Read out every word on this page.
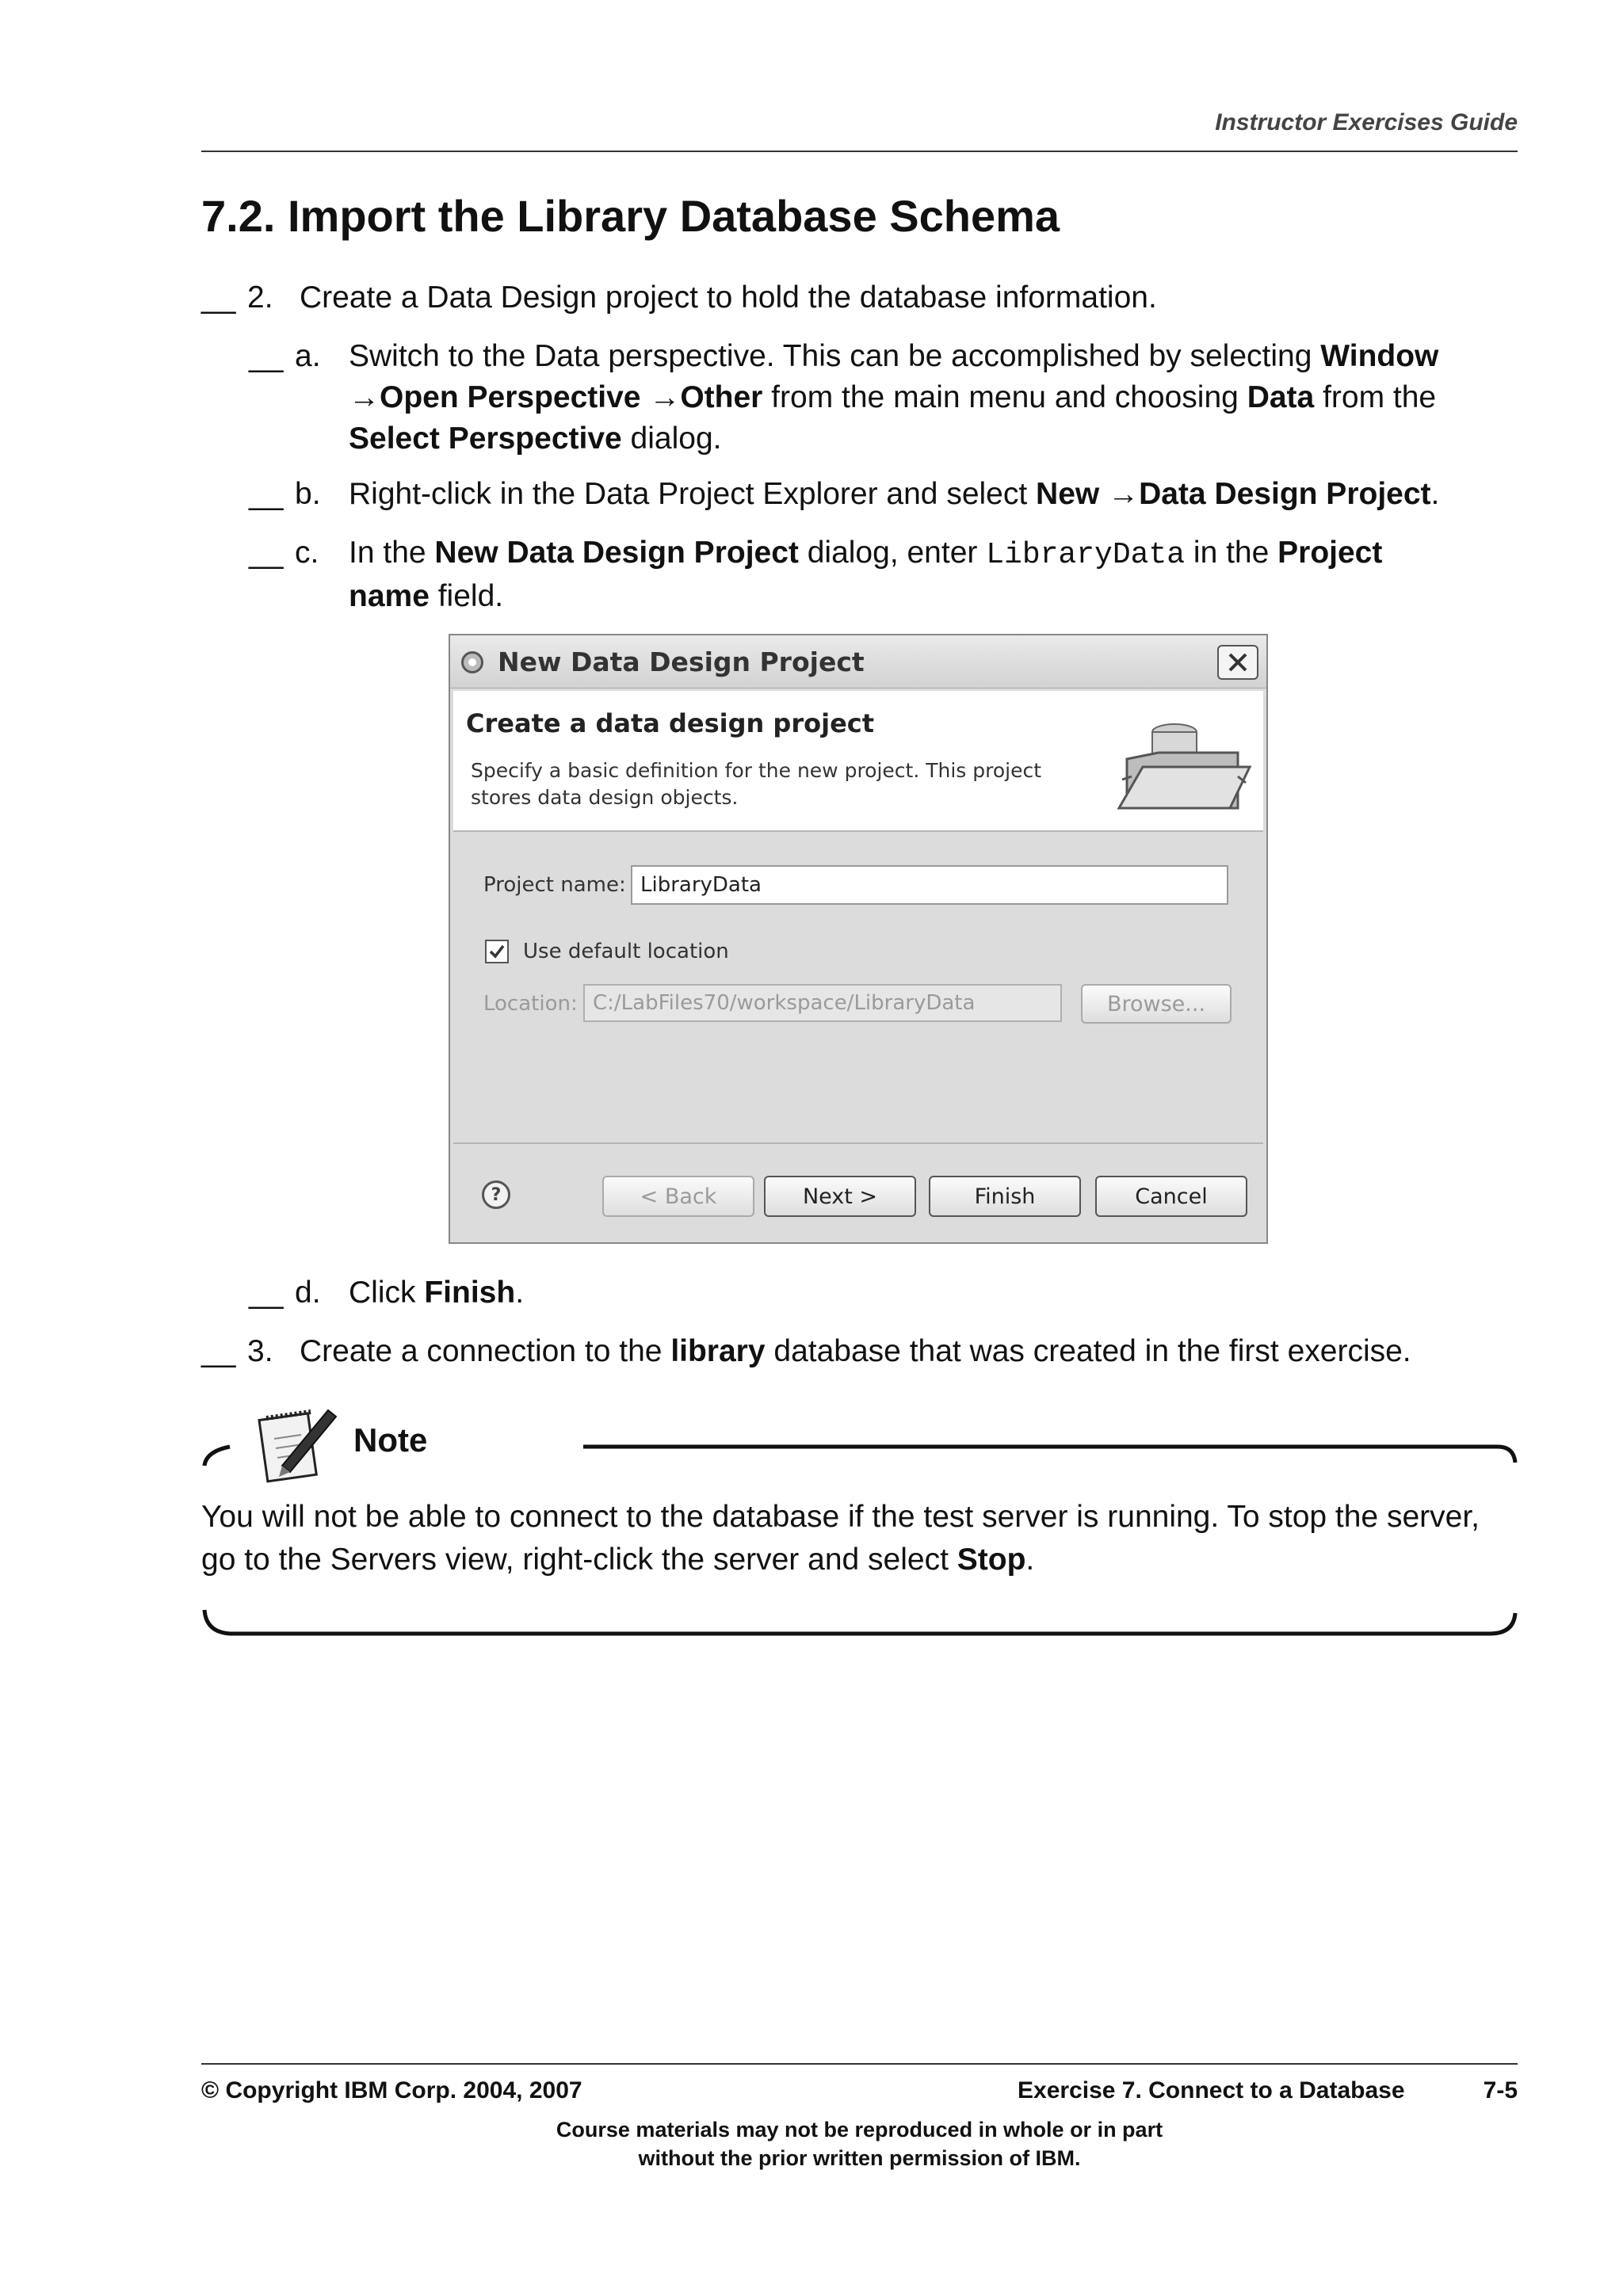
Instructor Exercises Guide
7.2. Import the Library Database Schema
__ 2. Create a Data Design project to hold the database information.
__ a. Switch to the Data perspective. This can be accomplished by selecting Window
→Open Perspective →Other from the main menu and choosing Data from the
Select Perspective dialog.
__ b. Right-click in the Data Project Explorer and select New →Data Design Project.
__ c. In the New Data Design Project dialog, enter LibraryData in the Project
name field.
New Data Design Project
Create a data design project
Specify a basic definition for the new project. This project stores data design objects.
Project name: LibraryData
Use default location
Location: C:/LabFiles70/workspace/LibraryData	Browse...
?	< Back	Next >	Finish	Cancel
__ d. Click Finish.
__ 3. Create a connection to the library database that was created in the first exercise.
Note
You will not be able to connect to the database if the test server is running. To stop the server, go to the Servers view, right-click the server and select Stop.
© Copyright IBM Corp. 2004, 2007	Exercise 7. Connect to a Database	7-5
Course materials may not be reproduced in whole or in part
without the prior written permission of IBM.
